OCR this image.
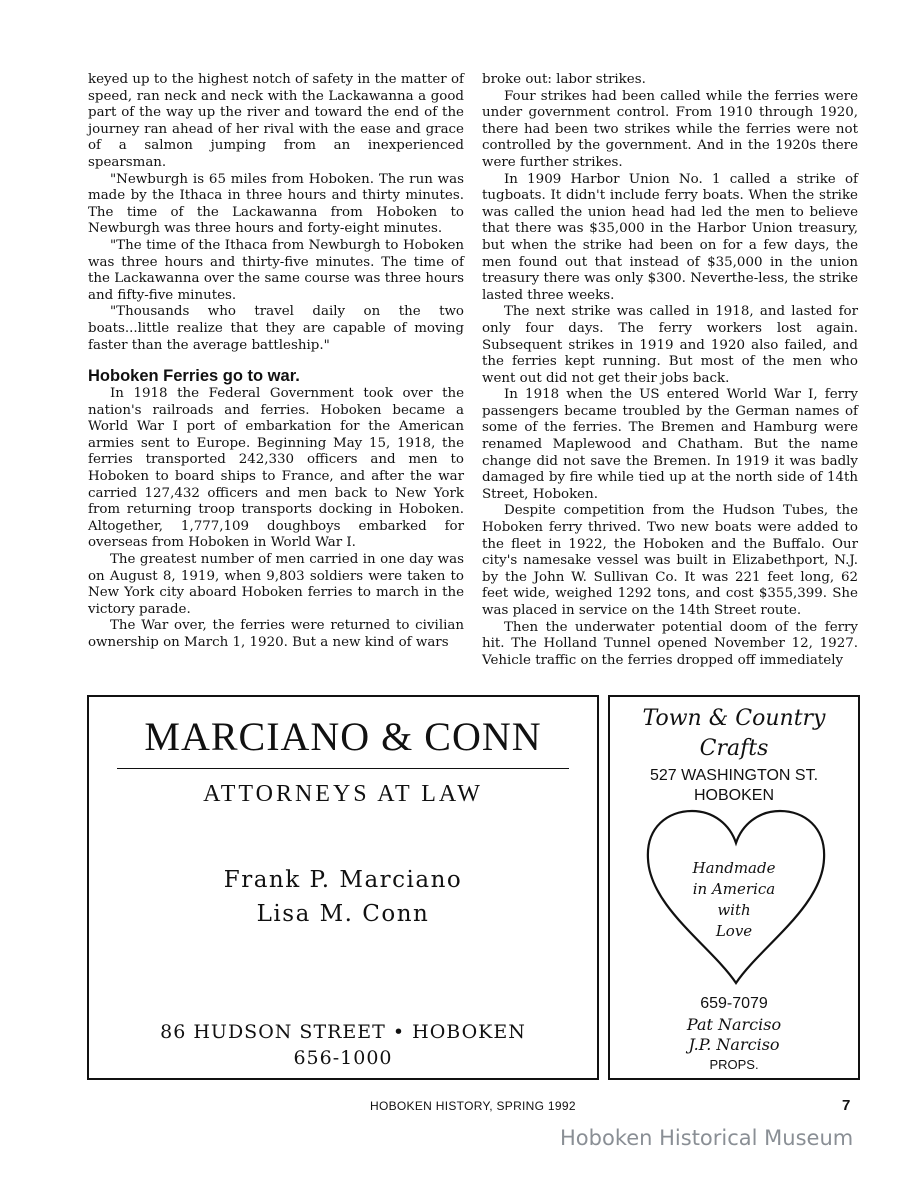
keyed up to the highest notch of safety in the matter of speed, ran neck and neck with the Lackawanna a good part of the way up the river and toward the end of the journey ran ahead of her rival with the ease and grace of a salmon jumping from an inexperienced spearsman.

"Newburgh is 65 miles from Hoboken. The run was made by the Ithaca in three hours and thirty minutes. The time of the Lackawanna from Hoboken to Newburgh was three hours and forty-eight minutes.

"The time of the Ithaca from Newburgh to Hoboken was three hours and thirty-five minutes. The time of the Lackawanna over the same course was three hours and fifty-five minutes.

"Thousands who travel daily on the two boats...little realize that they are capable of moving faster than the average battleship."

Hoboken Ferries go to war.

In 1918 the Federal Government took over the nation's railroads and ferries. Hoboken became a World War I port of embarkation for the American armies sent to Europe. Beginning May 15, 1918, the ferries transported 242,330 officers and men to Hoboken to board ships to France, and after the war carried 127,432 officers and men back to New York from returning troop transports docking in Hoboken. Altogether, 1,777,109 doughboys embarked for overseas from Hoboken in World War I.

The greatest number of men carried in one day was on August 8, 1919, when 9,803 soldiers were taken to New York city aboard Hoboken ferries to march in the victory parade.

The War over, the ferries were returned to civilian ownership on March 1, 1920. But a new kind of wars

broke out: labor strikes.

Four strikes had been called while the ferries were under government control. From 1910 through 1920, there had been two strikes while the ferries were not controlled by the government. And in the 1920s there were further strikes.

In 1909 Harbor Union No. 1 called a strike of tugboats. It didn't include ferry boats. When the strike was called the union head had led the men to believe that there was $35,000 in the Harbor Union treasury, but when the strike had been on for a few days, the men found out that instead of $35,000 in the union treasury there was only $300. Neverthe-less, the strike lasted three weeks.

The next strike was called in 1918, and lasted for only four days. The ferry workers lost again. Subsequent strikes in 1919 and 1920 also failed, and the ferries kept running. But most of the men who went out did not get their jobs back.

In 1918 when the US entered World War I, ferry passengers became troubled by the German names of some of the ferries. The Bremen and Hamburg were renamed Maplewood and Chatham. But the name change did not save the Bremen. In 1919 it was badly damaged by fire while tied up at the north side of 14th Street, Hoboken.

Despite competition from the Hudson Tubes, the Hoboken ferry thrived. Two new boats were added to the fleet in 1922, the Hoboken and the Buffalo. Our city's namesake vessel was built in Elizabethport, N.J. by the John W. Sullivan Co. It was 221 feet long, 62 feet wide, weighed 1292 tons, and cost $355,399. She was placed in service on the 14th Street route.

Then the underwater potential doom of the ferry hit. The Holland Tunnel opened November 12, 1927. Vehicle traffic on the ferries dropped off immediately

MARCIANO & CONN
ATTORNEYS AT LAW
Frank P. Marciano
Lisa M. Conn
86 HUDSON STREET • HOBOKEN
656-1000
Town & Country
Crafts
527 WASHINGTON ST.
HOBOKEN
Handmade
in America
with
Love
659-7079
Pat Narciso
J.P. Narciso
PROPS.
HOBOKEN HISTORY, SPRING 1992	7
Hoboken Historical Museum
